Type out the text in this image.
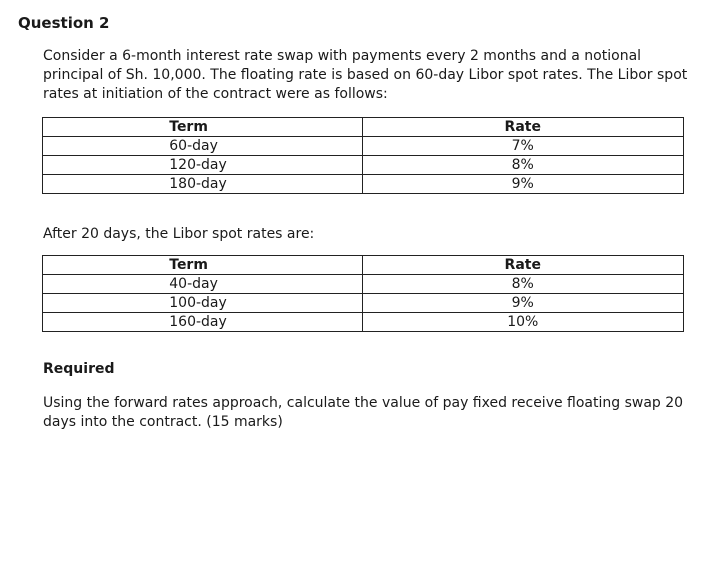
Question 2

Consider a 6-month interest rate swap with payments every 2 months and a notional principal of Sh. 10,000. The floating rate is based on 60-day Libor spot rates. The Libor spot rates at initiation of the contract were as follows:

Term	Rate
60-day	7%
120-day	8%
180-day	9%

After 20 days, the Libor spot rates are:

Term	Rate
40-day	8%
100-day	9%
160-day	10%

Required

Using the forward rates approach, calculate the value of pay fixed receive floating swap 20 days into the contract. (15 marks)
